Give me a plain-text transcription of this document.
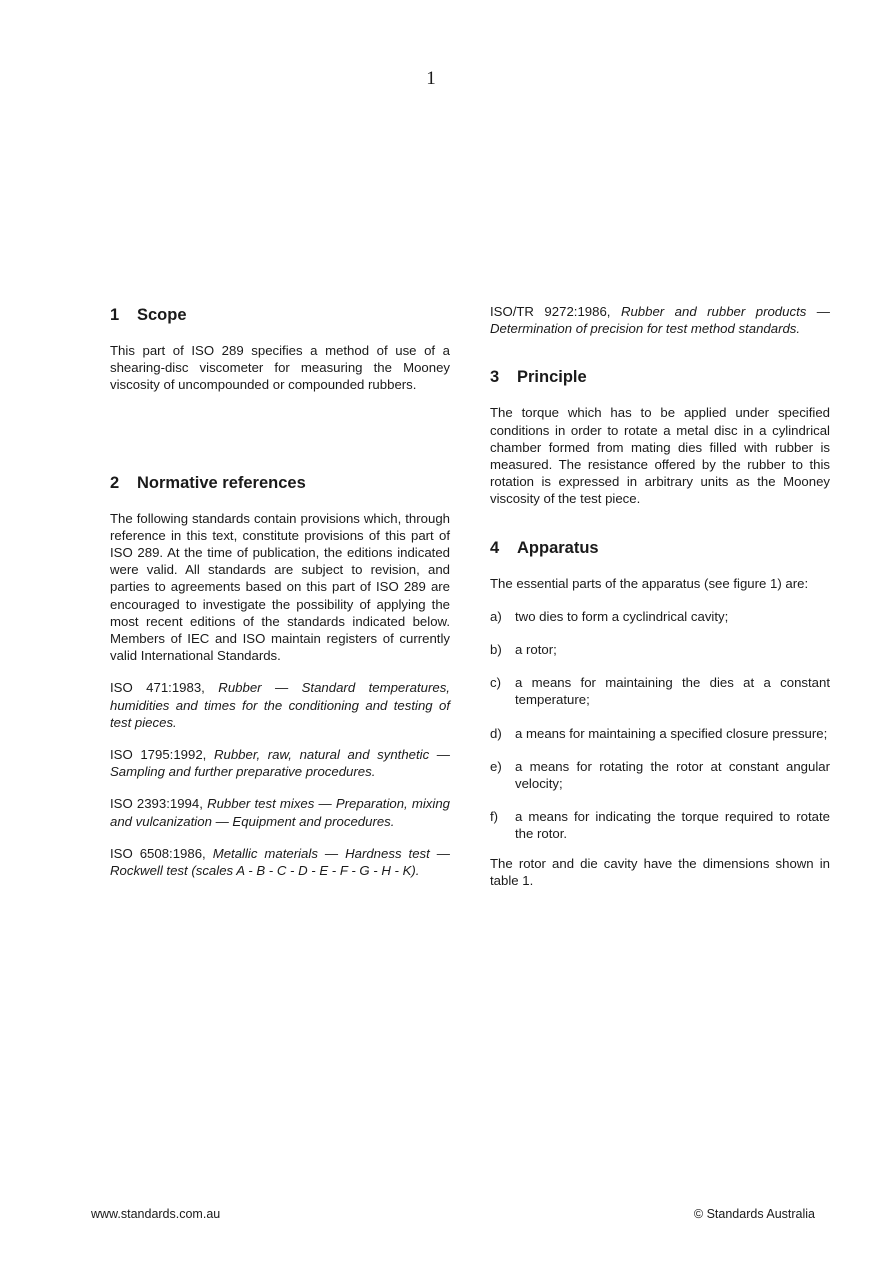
1
1	Scope

This part of ISO 289 specifies a method of use of a shearing-disc viscometer for measuring the Mooney viscosity of uncompounded or compounded rubbers.

2	Normative references

The following standards contain provisions which, through reference in this text, constitute provisions of this part of ISO 289. At the time of publication, the editions indicated were valid. All standards are subject to revision, and parties to agreements based on this part of ISO 289 are encouraged to investigate the possibility of applying the most recent editions of the standards indicated below. Members of IEC and ISO maintain registers of currently valid International Standards.

ISO 471:1983, Rubber — Standard temperatures, humidities and times for the conditioning and testing of test pieces.

ISO 1795:1992, Rubber, raw, natural and synthetic — Sampling and further preparative procedures.

ISO 2393:1994, Rubber test mixes — Preparation, mixing and vulcanization — Equipment and procedures.

ISO 6508:1986, Metallic materials — Hardness test — Rockwell test (scales A - B - C - D - E - F - G - H - K).

ISO/TR 9272:1986, Rubber and rubber products — Determination of precision for test method standards.

3	Principle

The torque which has to be applied under specified conditions in order to rotate a metal disc in a cylindrical chamber formed from mating dies filled with rubber is measured. The resistance offered by the rubber to this rotation is expressed in arbitrary units as the Mooney viscosity of the test piece.

4	Apparatus

The essential parts of the apparatus (see figure 1) are:

a)	two dies to form a cyclindrical cavity;
b)	a rotor;
c)	a means for maintaining the dies at a constant temperature;
d)	a means for maintaining a specified closure pressure;
e)	a means for rotating the rotor at constant angular velocity;
f)	a means for indicating the torque required to rotate the rotor.

The rotor and die cavity have the dimensions shown in table 1.

www.standards.com.au	© Standards Australia
